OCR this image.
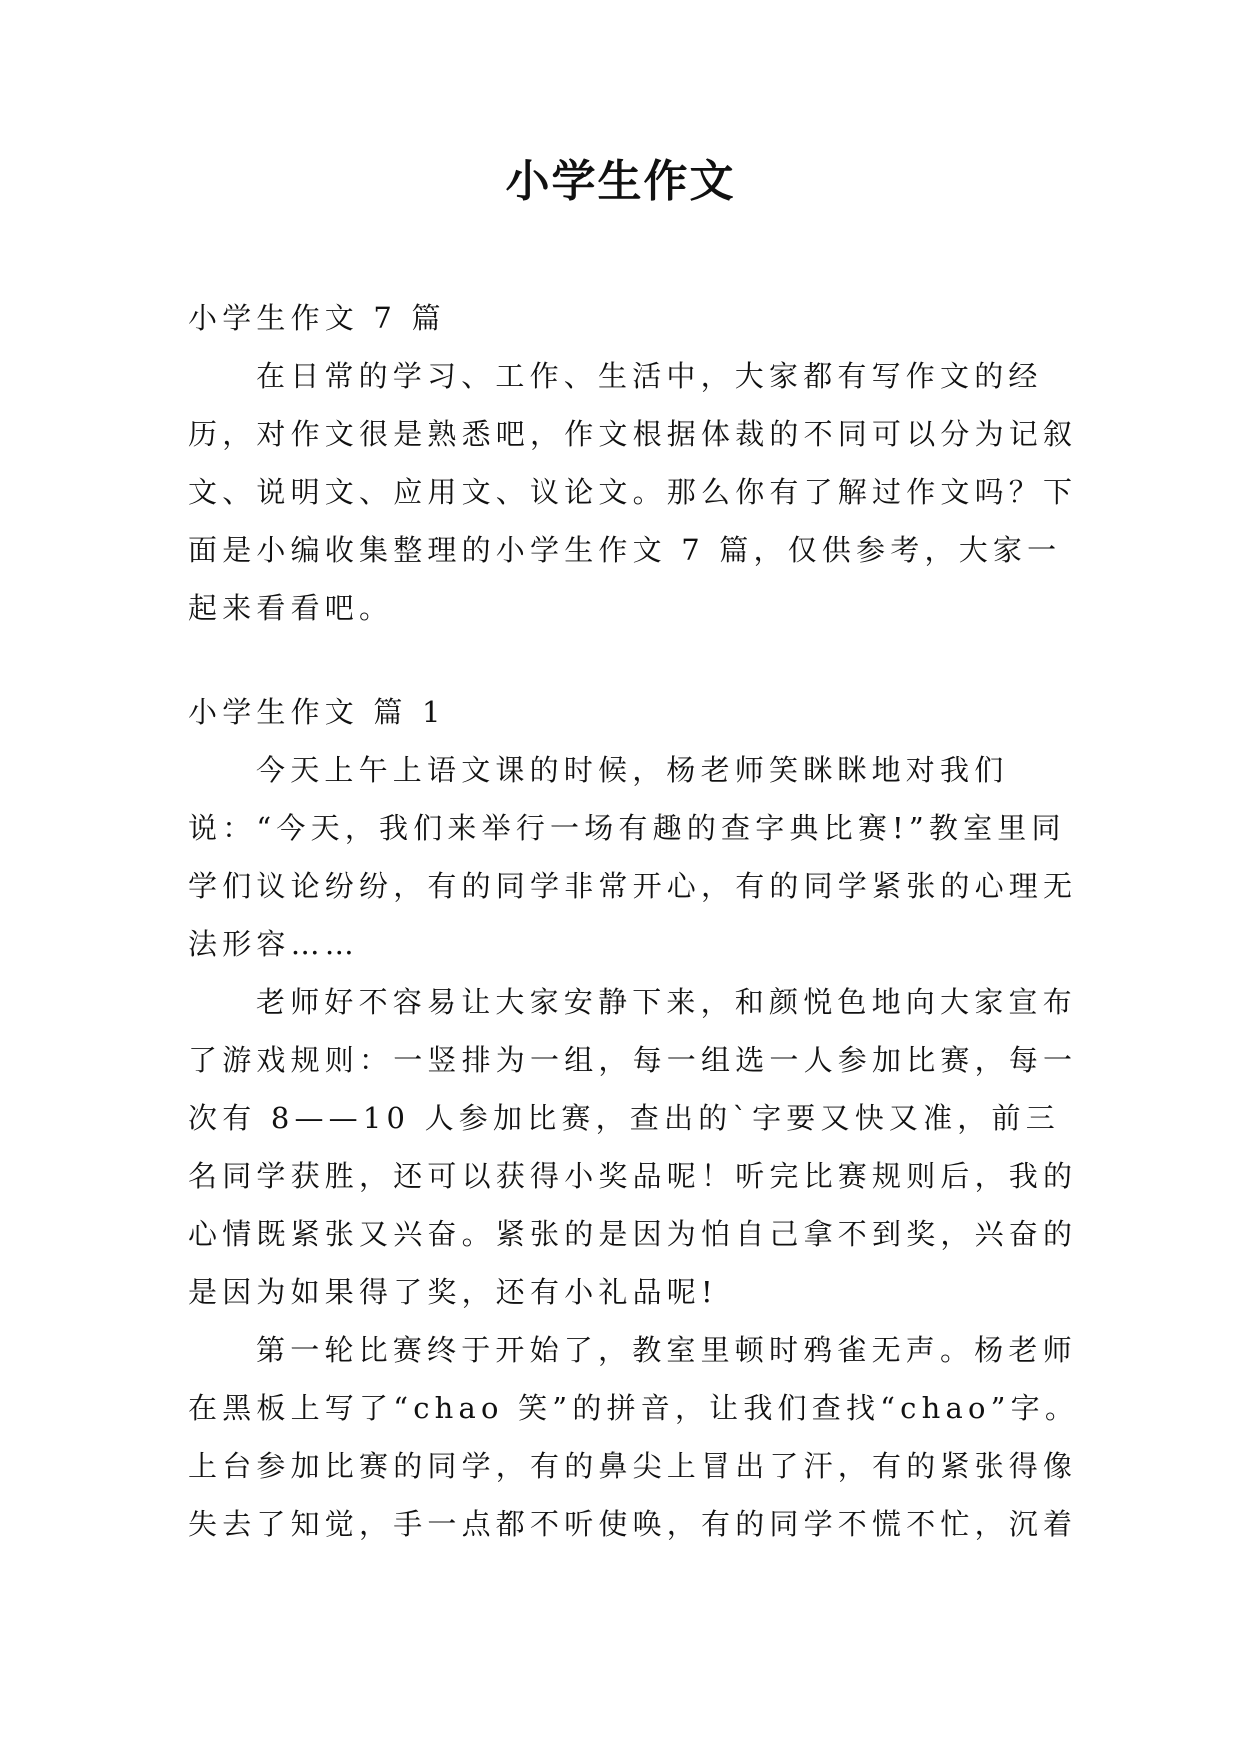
小学生作文

小学生作文 7 篇

在日常的学习、工作、生活中，大家都有写作文的经历，对作文很是熟悉吧，作文根据体裁的不同可以分为记叙文、说明文、应用文、议论文。那么你有了解过作文吗？下面是小编收集整理的小学生作文 7 篇，仅供参考，大家一起来看看吧。

小学生作文 篇 1

今天上午上语文课的时候，杨老师笑眯眯地对我们说：“今天，我们来举行一场有趣的查字典比赛!”教室里同学们议论纷纷，有的同学非常开心，有的同学紧张的心理无法形容……

老师好不容易让大家安静下来，和颜悦色地向大家宣布了游戏规则：一竖排为一组，每一组选一人参加比赛，每一次有 8——10 人参加比赛，查出的`字要又快又准，前三名同学获胜，还可以获得小奖品呢！听完比赛规则后，我的心情既紧张又兴奋。紧张的是因为怕自己拿不到奖，兴奋的是因为如果得了奖，还有小礼品呢!

第一轮比赛终于开始了，教室里顿时鸦雀无声。杨老师在黑板上写了“chao 笑”的拼音，让我们查找“chao”字。上台参加比赛的同学，有的鼻尖上冒出了汗，有的紧张得像失去了知觉，手一点都不听使唤，有的同学不慌不忙，沉着
